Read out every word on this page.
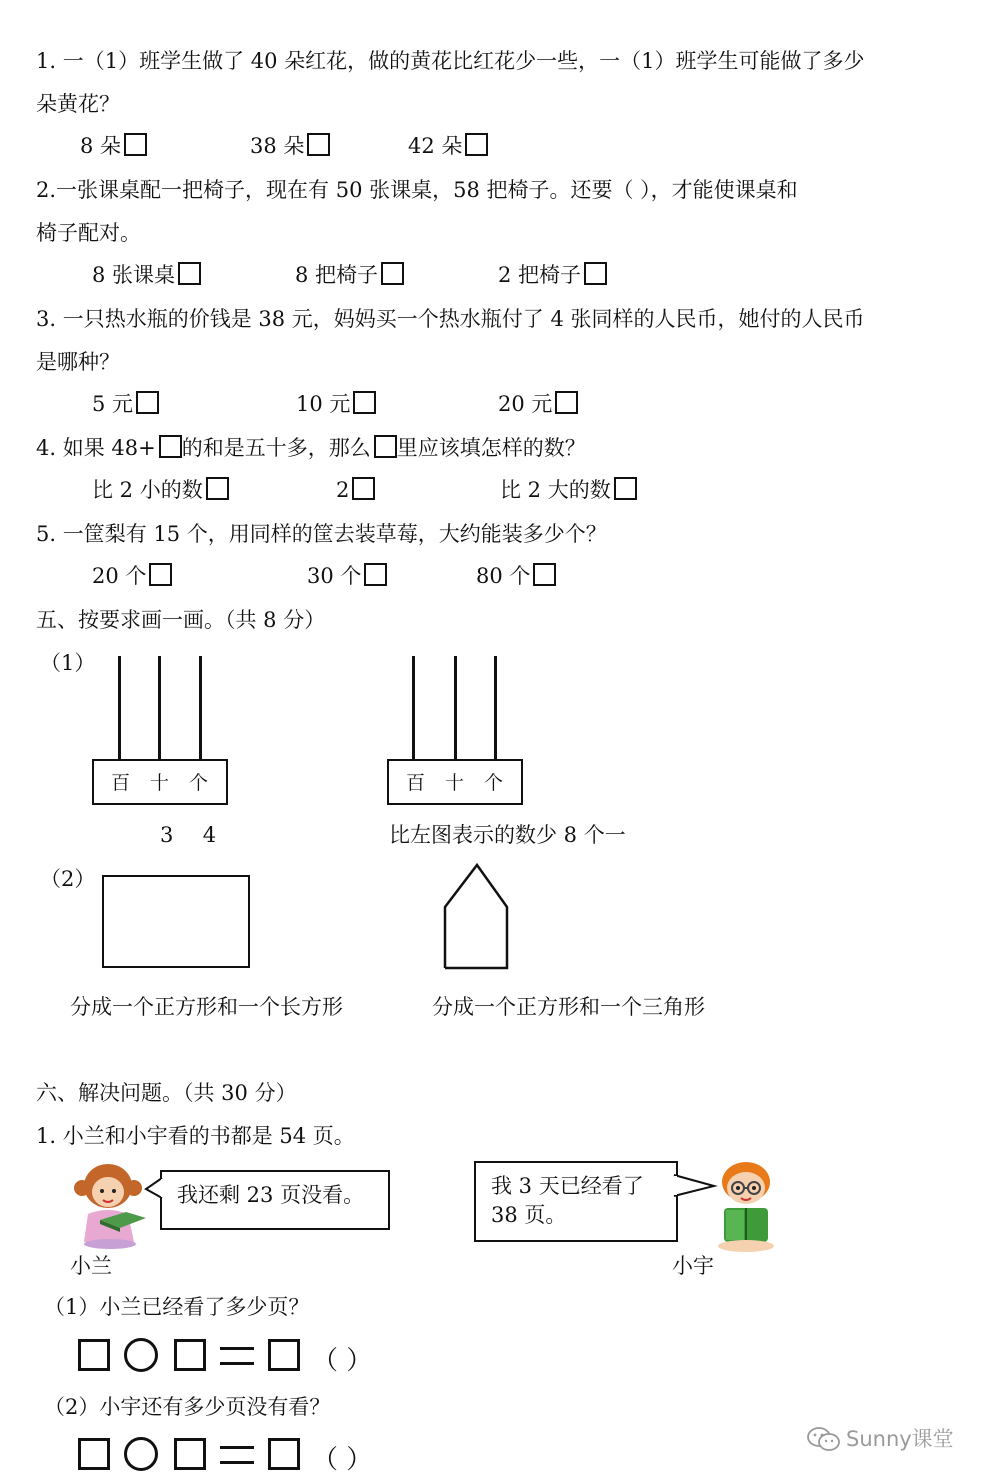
1. 一（1）班学生做了 40 朵红花，做的黄花比红花少一些，一（1）班学生可能做了多少
朵黄花？
8 朵	38 朵	42 朵
2.一张课桌配一把椅子，现在有 50 张课桌，58 把椅子。还要（ ），才能使课桌和
椅子配对。
8 张课桌	8 把椅子	2 把椅子
3. 一只热水瓶的价钱是 38 元，妈妈买一个热水瓶付了 4 张同样的人民币，她付的人民币
是哪种？
5 元	10 元	20 元
4. 如果 48+ 的和是五十多，那么 里应该填怎样的数？
比 2 小的数	2	比 2 大的数
5. 一筐梨有 15 个，用同样的筐去装草莓，大约能装多少个？
20 个	30 个	80 个
五、按要求画一画。（共 8 分）
（1）
百 十 个
3  4
百 十 个
比左图表示的数少 8 个一
（2）
分成一个正方形和一个长方形	分成一个正方形和一个三角形
六、解决问题。（共 30 分）
1. 小兰和小宇看的书都是 54 页。
我还剩 23 页没看。
小兰
我 3 天已经看了
38 页。
小宇
（1）小兰已经看了多少页？
（ ）
（2）小宇还有多少页没有看？
（ ）
Sunny课堂
